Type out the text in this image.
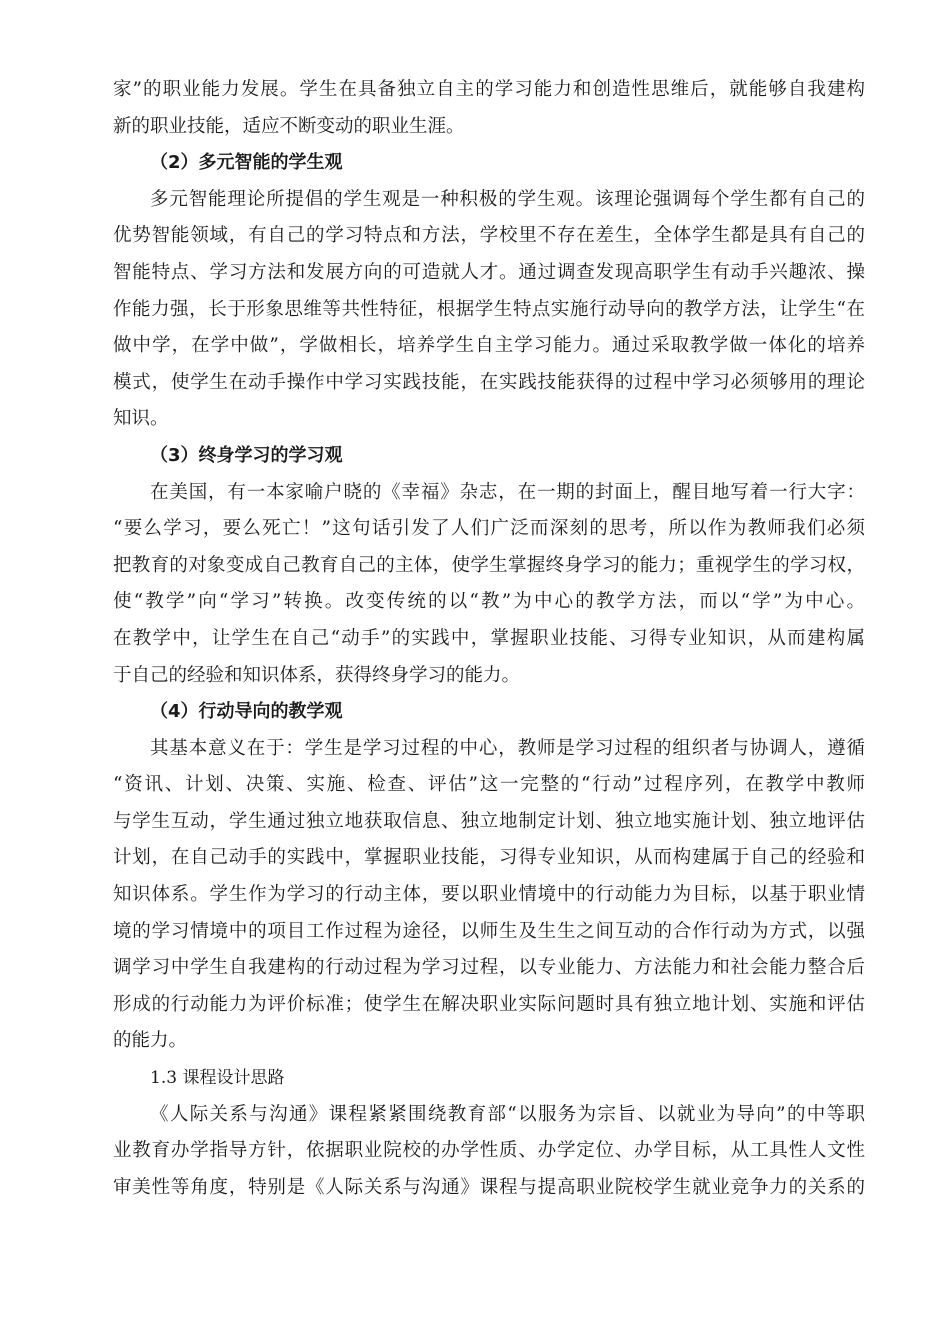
家”的职业能力发展。学生在具备独立自主的学习能力和创造性思维后，就能够自我建构
新的职业技能，适应不断变动的职业生涯。
（2）多元智能的学生观
多元智能理论所提倡的学生观是一种积极的学生观。该理论强调每个学生都有自己的
优势智能领域，有自己的学习特点和方法，学校里不存在差生，全体学生都是具有自己的
智能特点、学习方法和发展方向的可造就人才。通过调查发现高职学生有动手兴趣浓、操
作能力强，长于形象思维等共性特征，根据学生特点实施行动导向的教学方法，让学生“在
做中学，在学中做”，学做相长，培养学生自主学习能力。通过采取教学做一体化的培养
模式，使学生在动手操作中学习实践技能，在实践技能获得的过程中学习必须够用的理论
知识。
（3）终身学习的学习观
在美国，有一本家喻户晓的《幸福》杂志，在一期的封面上，醒目地写着一行大字：
“要么学习，要么死亡！”这句话引发了人们广泛而深刻的思考，所以作为教师我们必须
把教育的对象变成自己教育自己的主体，使学生掌握终身学习的能力；重视学生的学习权，
使“教学”向“学习”转换。改变传统的以“教”为中心的教学方法，而以“学”为中心。
在教学中，让学生在自己“动手”的实践中，掌握职业技能、习得专业知识，从而建构属
于自己的经验和知识体系，获得终身学习的能力。
（4）行动导向的教学观
其基本意义在于：学生是学习过程的中心，教师是学习过程的组织者与协调人，遵循
“资讯、计划、决策、实施、检查、评估”这一完整的“行动”过程序列，在教学中教师
与学生互动，学生通过独立地获取信息、独立地制定计划、独立地实施计划、独立地评估
计划，在自己动手的实践中，掌握职业技能，习得专业知识，从而构建属于自己的经验和
知识体系。学生作为学习的行动主体，要以职业情境中的行动能力为目标，以基于职业情
境的学习情境中的项目工作过程为途径，以师生及生生之间互动的合作行动为方式，以强
调学习中学生自我建构的行动过程为学习过程，以专业能力、方法能力和社会能力整合后
形成的行动能力为评价标准；使学生在解决职业实际问题时具有独立地计划、实施和评估
的能力。
1.3 课程设计思路
《人际关系与沟通》课程紧紧围绕教育部“以服务为宗旨、以就业为导向”的中等职
业教育办学指导方针，依据职业院校的办学性质、办学定位、办学目标，从工具性人文性
审美性等角度，特别是《人际关系与沟通》课程与提高职业院校学生就业竞争力的关系的
